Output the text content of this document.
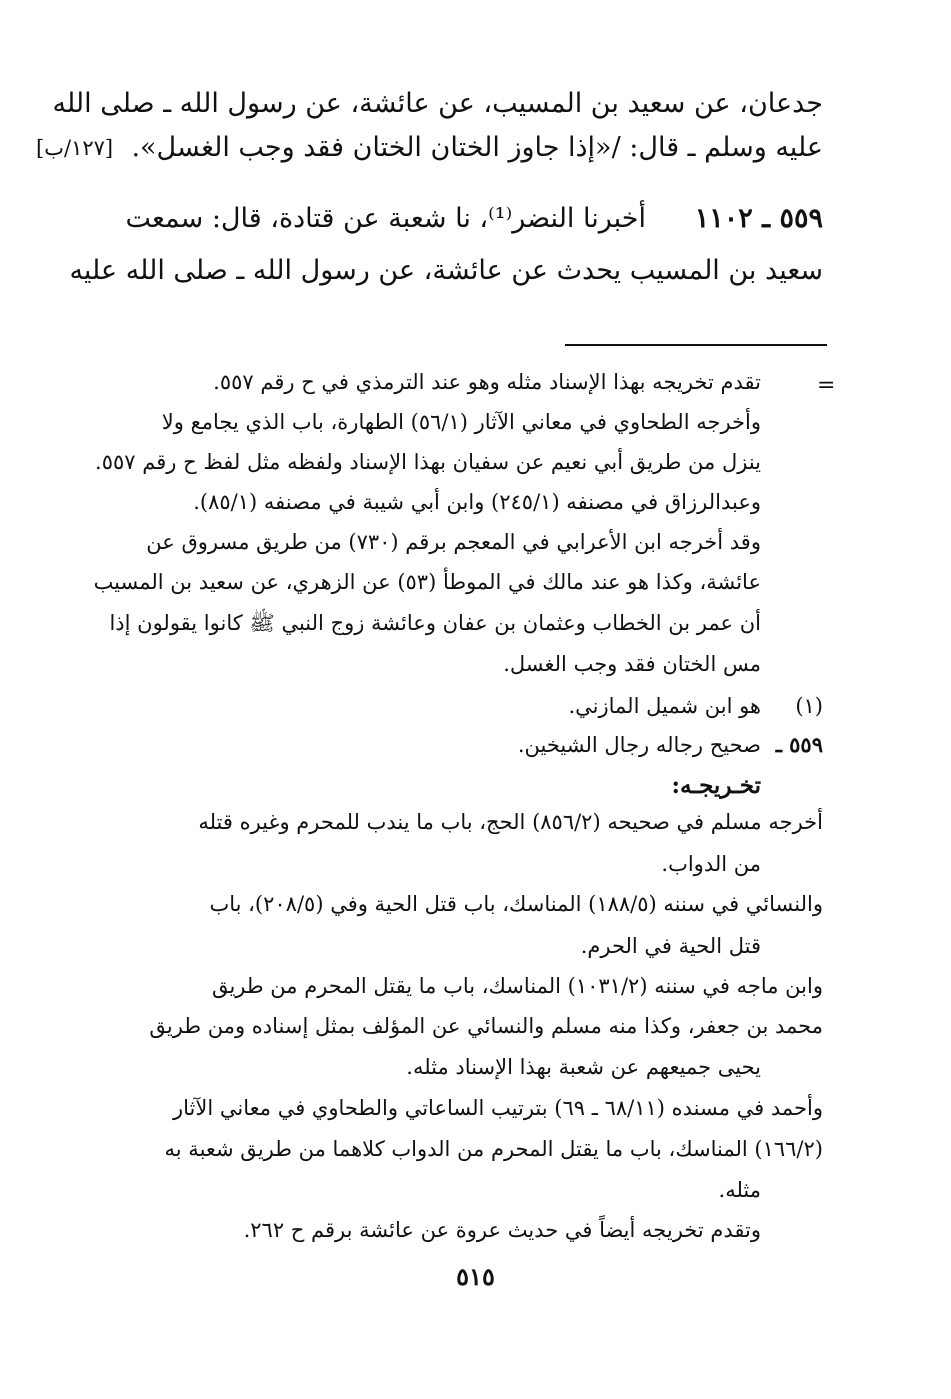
جدعان، عن سعيد بن المسيب، عن عائشة، عن رسول الله ـ صلى الله
عليه وسلم ـ قال: /«إذا جاوز الختان الختان فقد وجب الغسل».
[١٢٧/ب]
٥٥٩ ـ ١١٠٢
أخبرنا النضر⁽¹⁾، نا شعبة عن قتادة، قال: سمعت
سعيد بن المسيب يحدث عن عائشة، عن رسول الله ـ صلى الله عليه
=
تقدم تخريجه بهذا الإسناد مثله وهو عند الترمذي في ح رقم ٥٥٧.
وأخرجه الطحاوي في معاني الآثار (٥٦/١) الطهارة، باب الذي يجامع ولا
ينزل من طريق أبي نعيم عن سفيان بهذا الإسناد ولفظه مثل لفظ ح رقم ٥٥٧.
وعبدالرزاق في مصنفه (٢٤٥/١) وابن أبي شيبة في مصنفه (٨٥/١).
وقد أخرجه ابن الأعرابي في المعجم برقم (٧٣٠) من طريق مسروق عن
عائشة، وكذا هو عند مالك في الموطأ (٥٣) عن الزهري، عن سعيد بن المسيب
أن عمر بن الخطاب وعثمان بن عفان وعائشة زوج النبي ﷺ كانوا يقولون إذا
مس الختان فقد وجب الغسل.
(١)
هو ابن شميل المازني.
٥٥٩ ـ
صحيح رجاله رجال الشيخين.
تخـريجـه:
أخرجه مسلم في صحيحه (٨٥٦/٢) الحج، باب ما يندب للمحرم وغيره قتله
من الدواب.
والنسائي في سننه (١٨٨/٥) المناسك، باب قتل الحية وفي (٢٠٨/٥)، باب
قتل الحية في الحرم.
وابن ماجه في سننه (١٠٣١/٢) المناسك، باب ما يقتل المحرم من طريق
محمد بن جعفر، وكذا منه مسلم والنسائي عن المؤلف بمثل إسناده ومن طريق
يحيى جميعهم عن شعبة بهذا الإسناد مثله.
وأحمد في مسنده (٦٨/١١ ـ ٦٩) بترتيب الساعاتي والطحاوي في معاني الآثار
(١٦٦/٢) المناسك، باب ما يقتل المحرم من الدواب كلاهما من طريق شعبة به
مثله.
وتقدم تخريجه أيضاً في حديث عروة عن عائشة برقم ح ٢٦٢.
٥١٥
